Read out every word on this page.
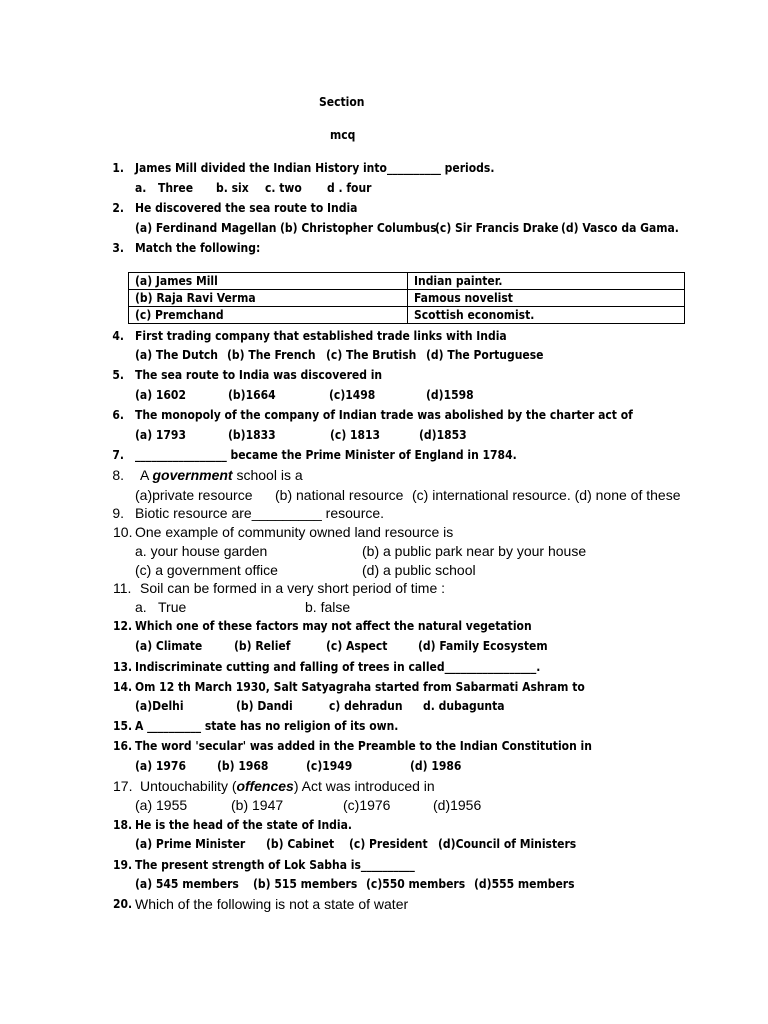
Section
mcq
1. James Mill divided the Indian History into__________ periods.
a. Three b. six c. two d . four
2. He discovered the sea route to India
(a) Ferdinand Magellan (b) Christopher Columbus
(c) Sir Francis Drake (d) Vasco da Gama.
3. Match the following:
(a) James Mill	Indian painter.
(b) Raja Ravi Verma	Famous novelist
(c) Premchand	Scottish economist.
4. First trading company that established trade links with India
(a) The Dutch (b) The French (c) The Brutish (d) The Portuguese
5. The sea route to India was discovered in
(a) 1602	(b)1664	(c)1498	(d)1598
6. The monopoly of the company of Indian trade was abolished by the charter act of
(a) 1793	(b)1833	(c) 1813	(d)1853
7. _________________ became the Prime Minister of England in 1784.
8. A government school is a
(a)private resource (b) national resource (c) international resource. (d) none of these
9. Biotic resource are_________ resource.
10. One example of community owned land resource is
a. your house garden	(b) a public park near by your house
(c) a government office	(d) a public school
11. Soil can be formed in a very short period of time :
a. True	b. false
12. Which one of these factors may not affect the natural vegetation
(a) Climate	(b) Relief	(c) Aspect	(d) Family Ecosystem
13. Indiscriminate cutting and falling of trees in called_________________.
14. Om 12 th March 1930, Salt Satyagraha started from Sabarmati Ashram to
(a)Delhi	(b) Dandi	c) dehradun d. dubagunta
15. A __________ state has no religion of its own.
16. The word 'secular' was added in the Preamble to the Indian Constitution in
(a) 1976	(b) 1968	(c)1949	(d) 1986
17. Untouchability (offences) Act was introduced in
(a) 1955	(b) 1947	(c)1976	(d)1956
18. He is the head of the state of India.
(a) Prime Minister (b) Cabinet (c) President (d)Council of Ministers
19. The present strength of Lok Sabha is__________
(a) 545 members (b) 515 members (c)550 members (d)555 members
20. Which of the following is not a state of water
